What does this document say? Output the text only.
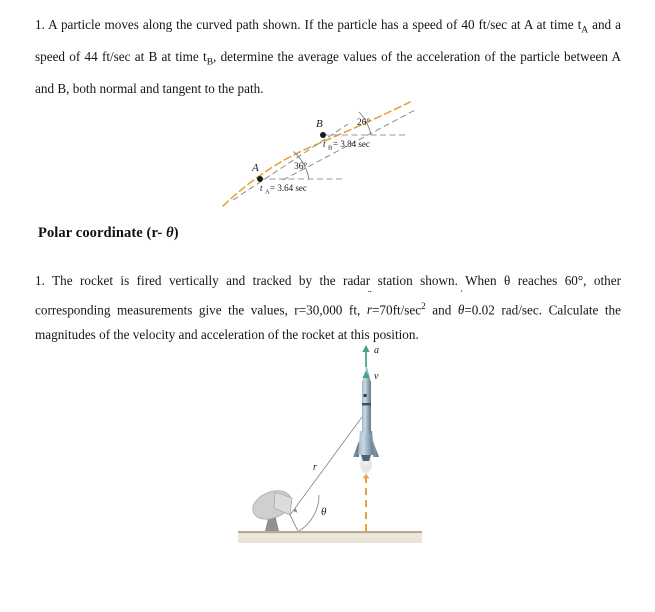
1. A particle moves along the curved path shown. If the particle has a speed of 40 ft/sec at A at time $t_A$ and a speed of 44 ft/sec at B at time $t_B$, determine the average values of the acceleration of the particle between A and B, both normal and tangent to the path.
A
B
36°
26°
t A = 3.64 sec
t B = 3.84 sec
Polar coordinate (r- θ)
1. The rocket is fired vertically and tracked by the radar station shown. When θ reaches 60°, other corresponding measurements give the values, r=30,000 ft,
¨
$r=70ft/\sec^2$ and
˙
θ=0.02 rad/sec. Calculate the magnitudes of the velocity and acceleration of the rocket at this position.
a
v
r
θ
